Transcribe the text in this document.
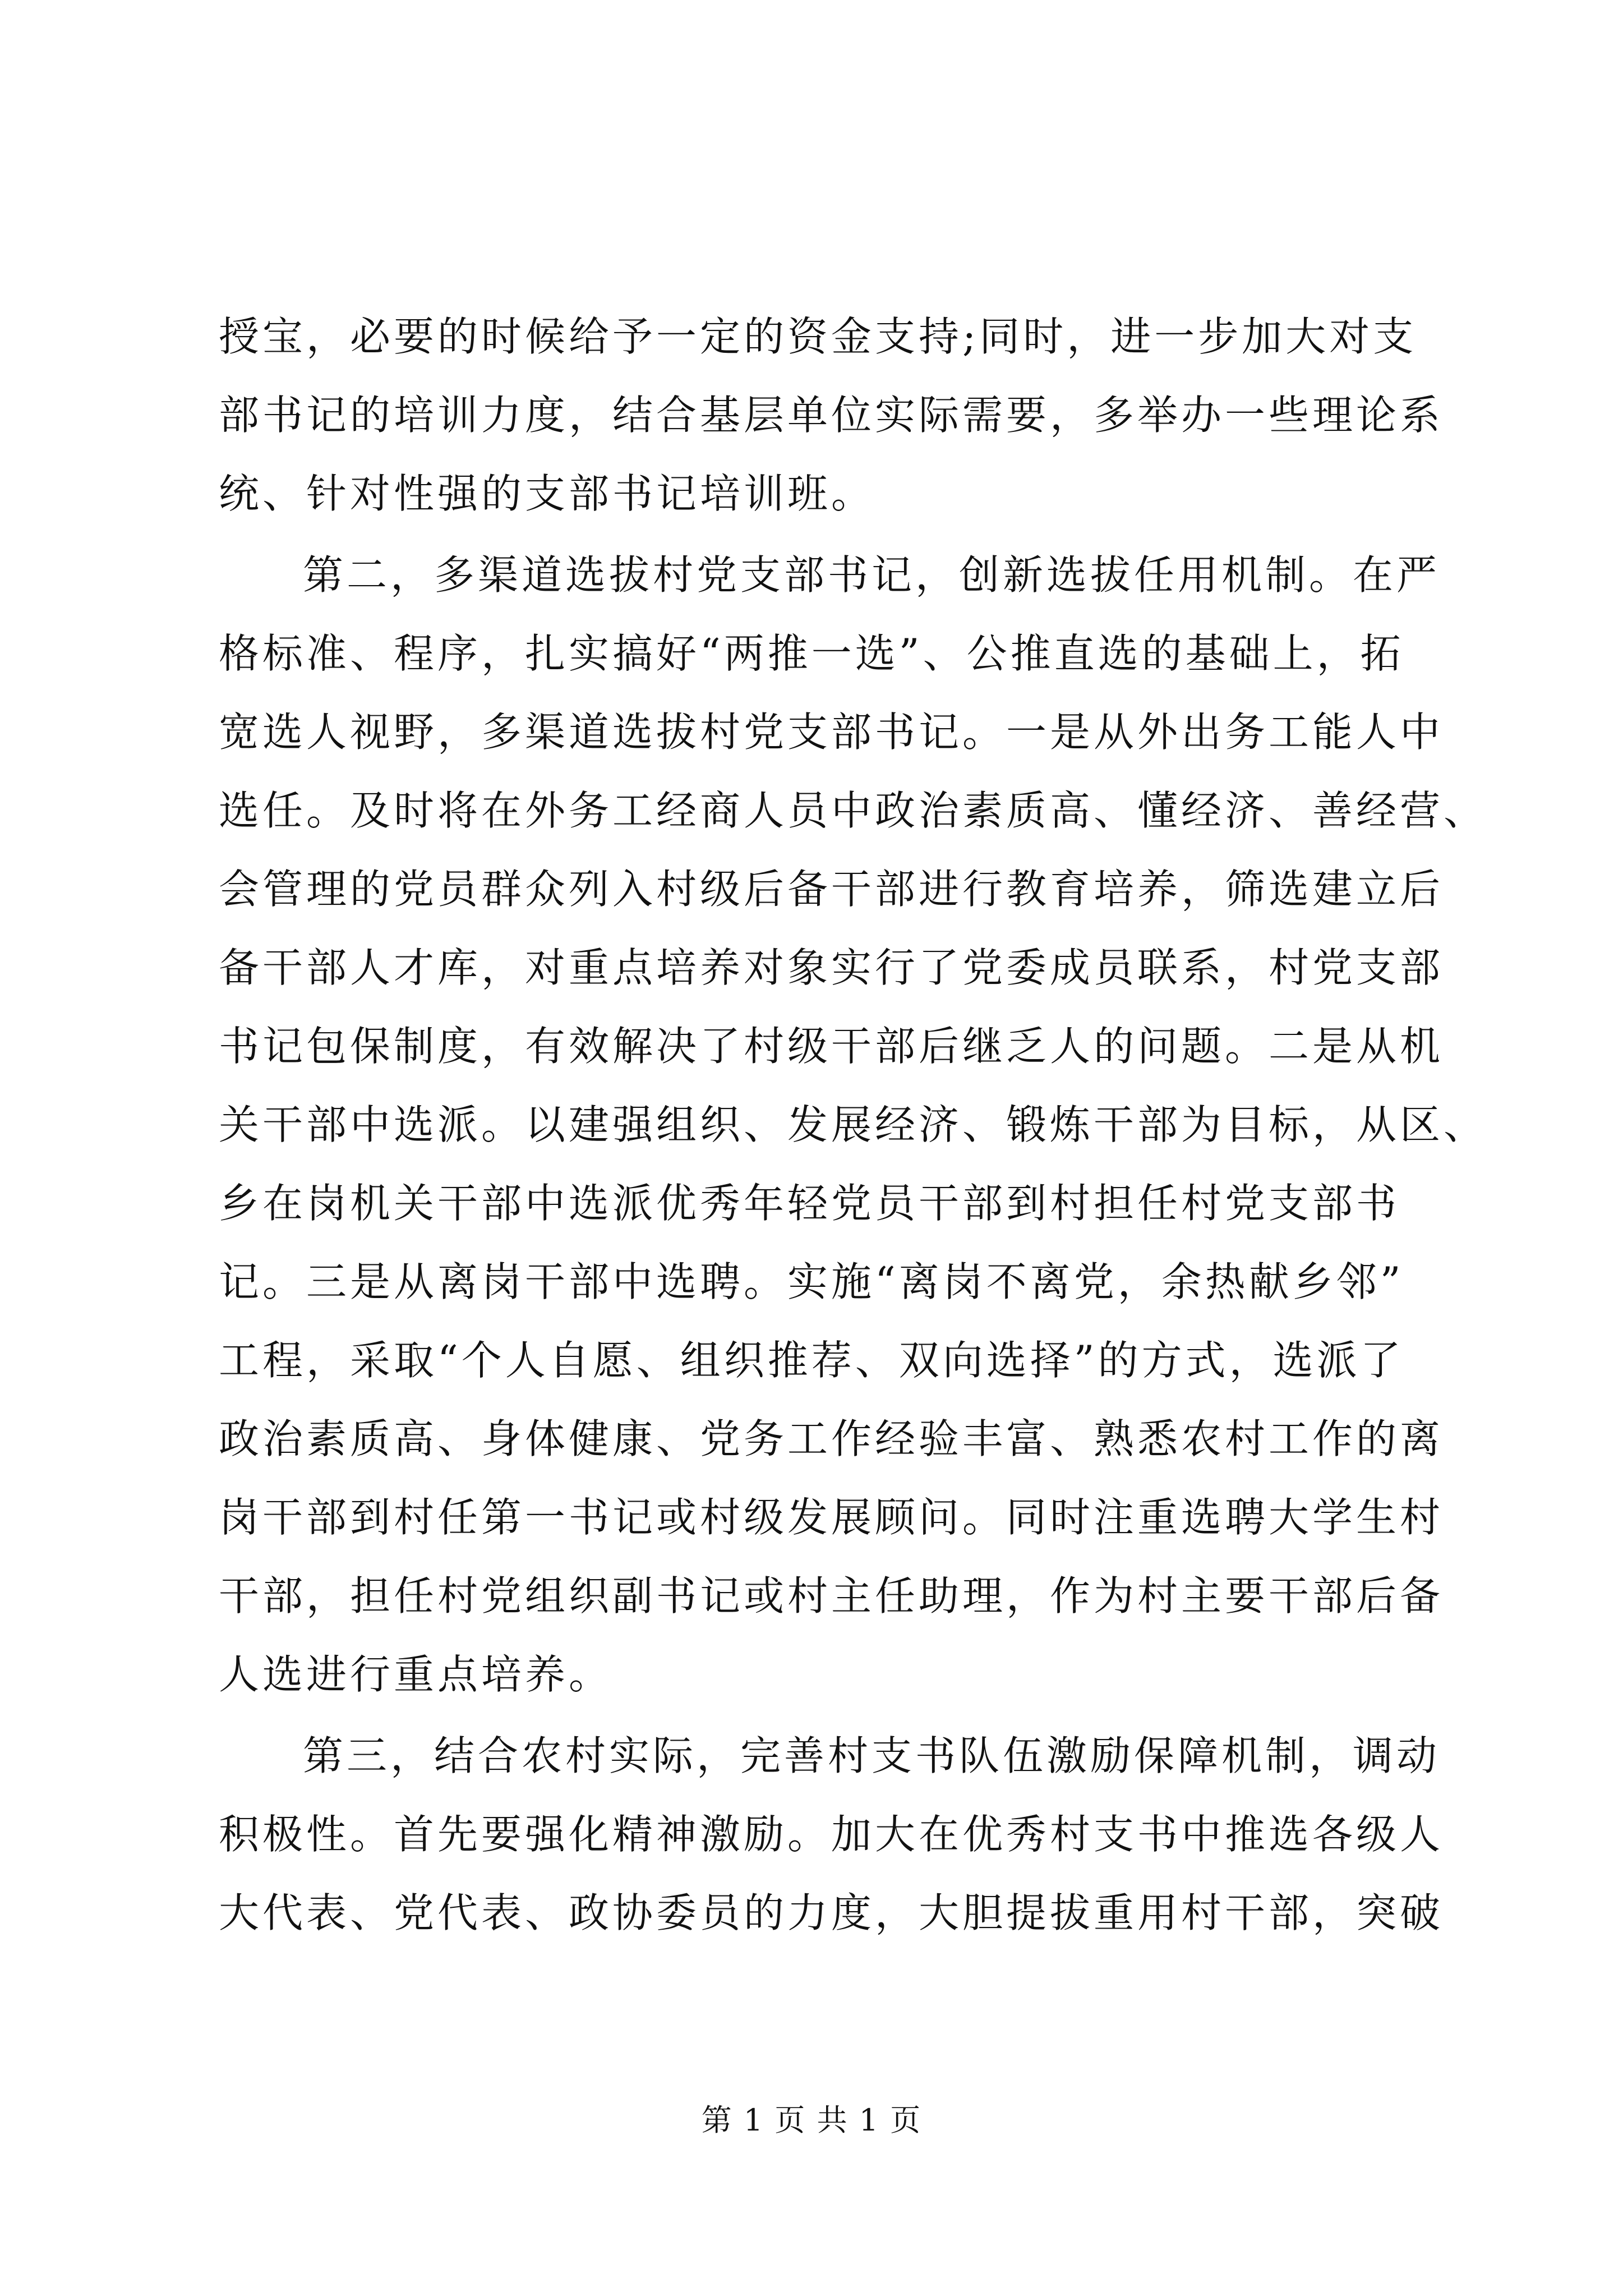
授宝，必要的时候给予一定的资金支持;同时，进一步加大对支
部书记的培训力度，结合基层单位实际需要，多举办一些理论系
统、针对性强的支部书记培训班。
第二，多渠道选拔村党支部书记，创新选拔任用机制。在严
格标准、程序，扎实搞好“两推一选”、公推直选的基础上，拓
宽选人视野，多渠道选拔村党支部书记。一是从外出务工能人中
选任。及时将在外务工经商人员中政治素质高、懂经济、善经营、
会管理的党员群众列入村级后备干部进行教育培养，筛选建立后
备干部人才库，对重点培养对象实行了党委成员联系，村党支部
书记包保制度，有效解决了村级干部后继乏人的问题。二是从机
关干部中选派。以建强组织、发展经济、锻炼干部为目标，从区、
乡在岗机关干部中选派优秀年轻党员干部到村担任村党支部书
记。三是从离岗干部中选聘。实施“离岗不离党，余热献乡邻”
工程，采取“个人自愿、组织推荐、双向选择”的方式，选派了
政治素质高、身体健康、党务工作经验丰富、熟悉农村工作的离
岗干部到村任第一书记或村级发展顾问。同时注重选聘大学生村
干部，担任村党组织副书记或村主任助理，作为村主要干部后备
人选进行重点培养。
第三，结合农村实际，完善村支书队伍激励保障机制，调动
积极性。首先要强化精神激励。加大在优秀村支书中推选各级人
大代表、党代表、政协委员的力度，大胆提拔重用村干部，突破
第 1 页 共 1 页
